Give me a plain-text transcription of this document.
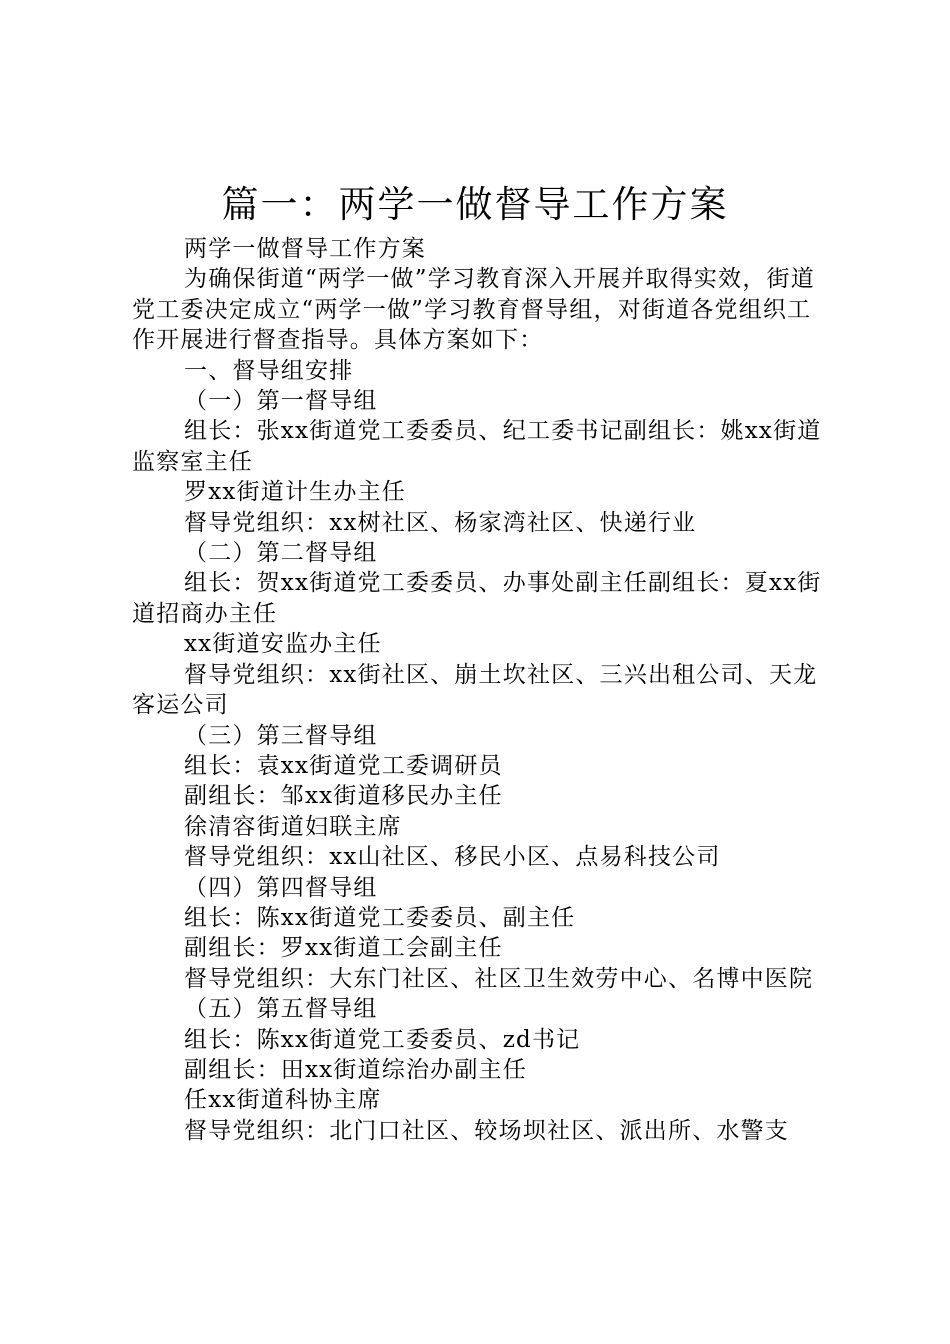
篇一：两学一做督导工作方案

两学一做督导工作方案

为确保街道“两学一做”学习教育深入开展并取得实效，街道党工委决定成立“两学一做”学习教育督导组，对街道各党组织工作开展进行督查指导。具体方案如下：

一、督导组安排

（一）第一督导组

组长：张xx街道党工委委员、纪工委书记副组长：姚xx街道监察室主任

罗xx街道计生办主任

督导党组织：xx树社区、杨家湾社区、快递行业

（二）第二督导组

组长：贺xx街道党工委委员、办事处副主任副组长：夏xx街道招商办主任

xx街道安监办主任

督导党组织：xx街社区、崩土坎社区、三兴出租公司、天龙客运公司

（三）第三督导组

组长：袁xx街道党工委调研员

副组长：邹xx街道移民办主任

徐清容街道妇联主席

督导党组织：xx山社区、移民小区、点易科技公司

（四）第四督导组

组长：陈xx街道党工委委员、副主任

副组长：罗xx街道工会副主任

督导党组织：大东门社区、社区卫生效劳中心、名博中医院

（五）第五督导组

组长：陈xx街道党工委委员、zd书记

副组长：田xx街道综治办副主任

任xx街道科协主席

督导党组织：北门口社区、较场坝社区、派出所、水警支
